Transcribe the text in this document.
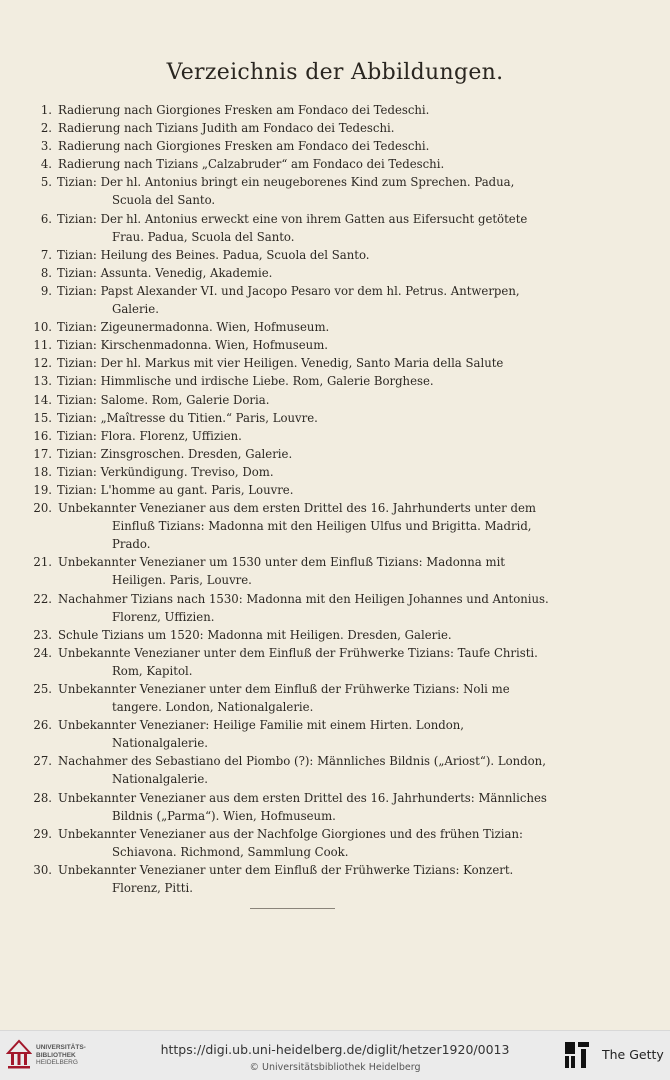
Verzeichnis der Abbildungen.
1. Radierung nach Giorgiones Fresken am Fondaco dei Tedeschi.
2. Radierung nach Tizians Judith am Fondaco dei Tedeschi.
3. Radierung nach Giorgiones Fresken am Fondaco dei Tedeschi.
4. Radierung nach Tizians „Calzabruder“ am Fondaco dei Tedeschi.
5. Tizian: Der hl. Antonius bringt ein neugeborenes Kind zum Sprechen. Padua, Scuola del Santo.
6. Tizian: Der hl. Antonius erweckt eine von ihrem Gatten aus Eifersucht getötete Frau. Padua, Scuola del Santo.
7. Tizian: Heilung des Beines. Padua, Scuola del Santo.
8. Tizian: Assunta. Venedig, Akademie.
9. Tizian: Papst Alexander VI. und Jacopo Pesaro vor dem hl. Petrus. Antwerpen, Galerie.
10. Tizian: Zigeunermadonna. Wien, Hofmuseum.
11. Tizian: Kirschenmadonna. Wien, Hofmuseum.
12. Tizian: Der hl. Markus mit vier Heiligen. Venedig, Santo Maria della Salute
13. Tizian: Himmlische und irdische Liebe. Rom, Galerie Borghese.
14. Tizian: Salome. Rom, Galerie Doria.
15. Tizian: „Maîtresse du Titien.“ Paris, Louvre.
16. Tizian: Flora. Florenz, Uffizien.
17. Tizian: Zinsgroschen. Dresden, Galerie.
18. Tizian: Verkündigung. Treviso, Dom.
19. Tizian: L'homme au gant. Paris, Louvre.
20. Unbekannter Venezianer aus dem ersten Drittel des 16. Jahrhunderts unter dem Einfluß Tizians: Madonna mit den Heiligen Ulfus und Brigitta. Madrid, Prado.
21. Unbekannter Venezianer um 1530 unter dem Einfluß Tizians: Madonna mit Heiligen. Paris, Louvre.
22. Nachahmer Tizians nach 1530: Madonna mit den Heiligen Johannes und Antonius. Florenz, Uffizien.
23. Schule Tizians um 1520: Madonna mit Heiligen. Dresden, Galerie.
24. Unbekannte Venezianer unter dem Einfluß der Frühwerke Tizians: Taufe Christi. Rom, Kapitol.
25. Unbekannter Venezianer unter dem Einfluß der Frühwerke Tizians: Noli me tangere. London, Nationalgalerie.
26. Unbekannter Venezianer: Heilige Familie mit einem Hirten. London, Nationalgalerie.
27. Nachahmer des Sebastiano del Piombo (?): Männliches Bildnis („Ariost“). London, Nationalgalerie.
28. Unbekannter Venezianer aus dem ersten Drittel des 16. Jahrhunderts: Männliches Bildnis („Parma“). Wien, Hofmuseum.
29. Unbekannter Venezianer aus der Nachfolge Giorgiones und des frühen Tizian: Schiavona. Richmond, Sammlung Cook.
30. Unbekannter Venezianer unter dem Einfluß der Frühwerke Tizians: Konzert. Florenz, Pitti.
UNIVERSITÄTS-
BIBLIOTHEK
HEIDELBERG
https://digi.ub.uni-heidelberg.de/diglit/hetzer1920/0013
© Universitätsbibliothek Heidelberg
The Getty
